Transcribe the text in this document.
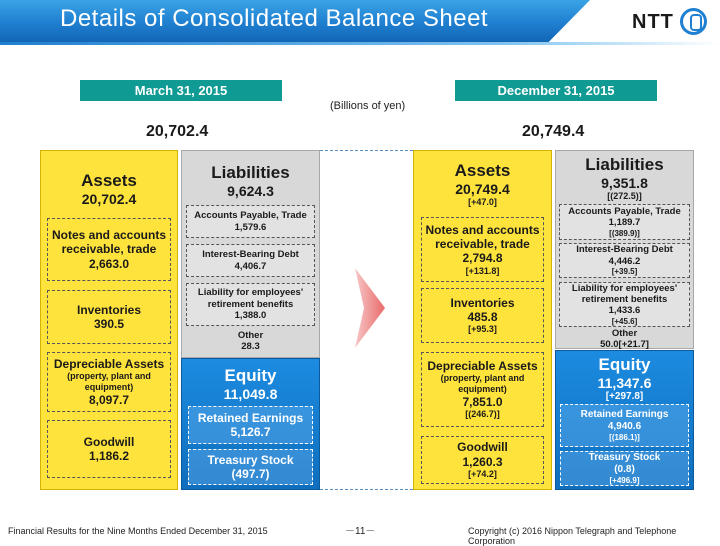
Details of Consolidated Balance Sheet	NTT
March 31, 2015	December 31, 2015
(Billions of yen)
20,702.4	20,749.4
Assets
20,702.4
Notes and accounts receivable, trade
2,663.0
Inventories
390.5
Depreciable Assets
(property, plant and equipment)
8,097.7
Goodwill
1,186.2
Liabilities
9,624.3
Other
28.3
Accounts Payable, Trade
1,579.6
Interest-Bearing Debt
4,406.7
Liability for employees' retirement benefits
1,388.0
Equity
11,049.8
Retained Earnings
5,126.7
Treasury Stock
(497.7)
Assets
20,749.4
[+47.0]
Notes and accounts receivable, trade
2,794.8
[+131.8]
Inventories
485.8
[+95.3]
Depreciable Assets
(property, plant and equipment)
7,851.0
[(246.7)]
Goodwill
1,260.3
[+74.2]
Liabilities
9,351.8
[(272.5)]
Other
50.0[+21.7]
Accounts Payable, Trade
1,189.7
[(389.9)]
Interest-Bearing Debt
4,446.2
[+39.5]
Liability for employees' retirement benefits
1,433.6
[+45.6]
Equity
11,347.6
[+297.8]
Retained Earnings
4,940.6
[(186.1)]
Treasury Stock
(0.8)
[+496.9]
Financial Results for the Nine Months Ended December 31, 2015	－11－	Copyright (c) 2016 Nippon Telegraph and Telephone Corporation
